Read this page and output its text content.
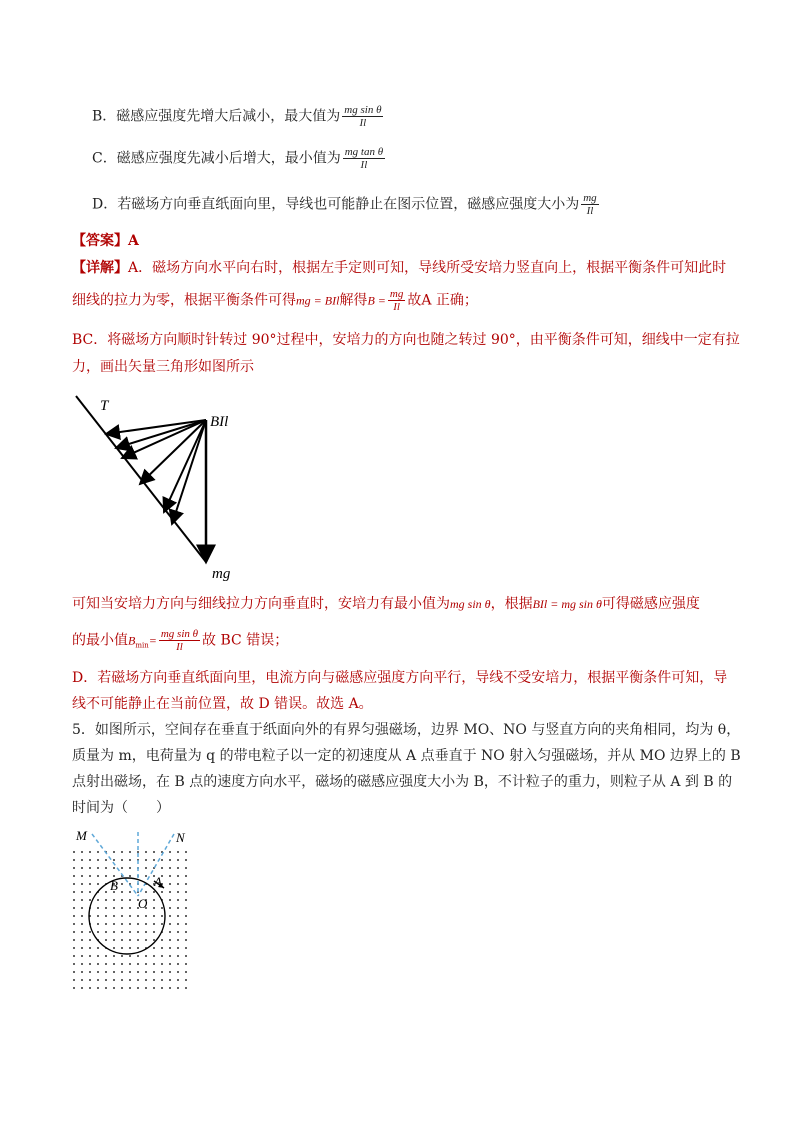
B．磁感应强度先增大后减小，最大值为 $\frac{\text{mg sin θ}}{Il}$
C．磁感应强度先减小后增大，最小值为 $\frac{\text{mg tan θ}}{Il}$
D．若磁场方向垂直纸面向里，导线也可能静止在图示位置，磁感应强度大小为 $\frac{mg}{Il}$
【答案】A
【详解】A．磁场方向水平向右时，根据左手定则可知，导线所受安培力竖直向上，根据平衡条件可知此时
细线的拉力为零，根据平衡条件可得mg = BIl解得$B = \frac{mg}{Il}$ 故A 正确；
BC．将磁场方向顺时针转过 90°过程中，安培力的方向也随之转过 90°，由平衡条件可知，细线中一定有拉
力，画出矢量三角形如图所示
T
BIl
mg
可知当安培力方向与细线拉力方向垂直时，安培力有最小值为mg sin θ，根据BIl = mg sin θ可得磁感应强度
的最小值$B_{min}= \frac{\text{mg sin θ}}{Il}$ 故 BC 错误；
D．若磁场方向垂直纸面向里，电流方向与磁感应强度方向平行，导线不受安培力，根据平衡条件可知，导
线不可能静止在当前位置，故 D 错误。故选 A。
5．如图所示，空间存在垂直于纸面向外的有界匀强磁场，边界 MO、NO 与竖直方向的夹角相同，均为 θ，
质量为 m，电荷量为 q 的带电粒子以一定的初速度从 A 点垂直于 NO 射入匀强磁场，并从 MO 边界上的 B
点射出磁场，在 B 点的速度方向水平，磁场的磁感应强度大小为 B，不计粒子的重力，则粒子从 A 到 B 的
时间为（　　）
M	N
B	A
O
